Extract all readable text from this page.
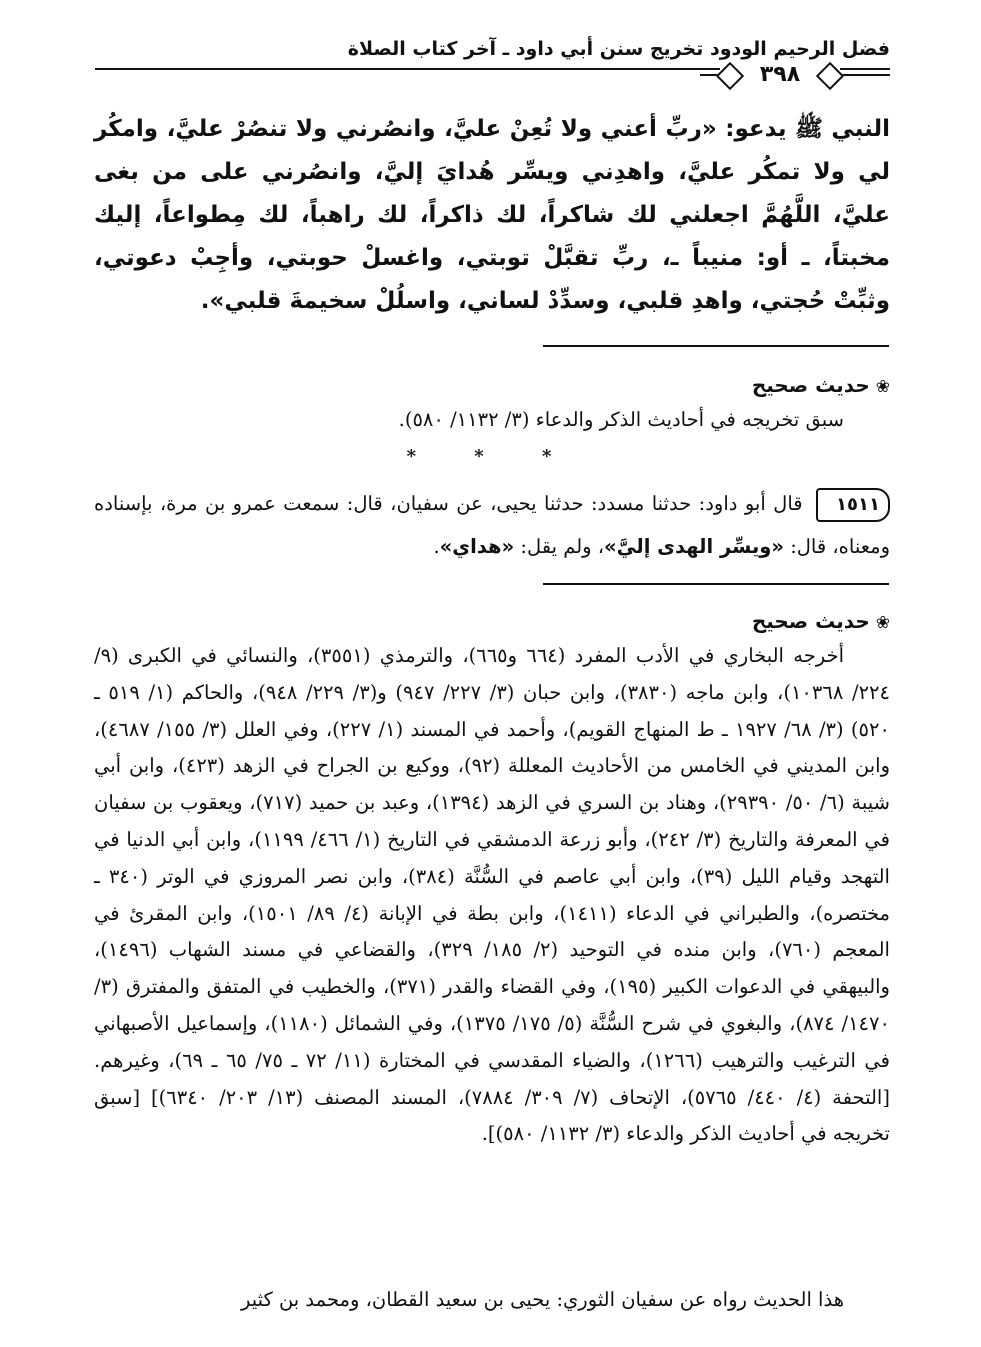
فضل الرحيم الودود تخريج سنن أبي داود ـ آخر كتاب الصلاة
٣٩٨

النبي ﷺ يدعو: «ربِّ أعني ولا تُعِنْ عليَّ، وانصُرني ولا تنصُرْ عليَّ، وامكُر لي ولا تمكُر عليَّ، واهدِني ويسِّر هُدايَ إليَّ، وانصُرني على من بغى عليَّ، اللَّهُمَّ اجعلني لك شاكراً، لك ذاكراً، لك راهباً، لك مِطواعاً، إليك مخبتاً، ـ أو: منيباً ـ، ربِّ تقبَّلْ توبتي، واغسلْ حوبتي، وأجِبْ دعوتي، وثبِّتْ حُجتي، واهدِ قلبي، وسدِّدْ لساني، واسلُلْ سخيمةَ قلبي».

❀حديث صحيح

سبق تخريجه في أحاديث الذكر والدعاء (٣/ ١١٣٢/ ٥٨٠).

* * *

١٥١١ قال أبو داود: حدثنا مسدد: حدثنا يحيى، عن سفيان، قال: سمعت عمرو بن مرة، بإسناده ومعناه، قال: «ويسِّر الهدى إليَّ»، ولم يقل: «هداي».

❀حديث صحيح

أخرجه البخاري في الأدب المفرد (٦٦٤ و٦٦٥)، والترمذي (٣٥٥١)، والنسائي في الكبرى (٩/ ٢٢٤/ ١٠٣٦٨)، وابن ماجه (٣٨٣٠)، وابن حبان (٣/ ٢٢٧/ ٩٤٧) و(٣/ ٢٢٩/ ٩٤٨)، والحاكم (١/ ٥١٩ ـ ٥٢٠) (٣/ ٦٨/ ١٩٢٧ ـ ط المنهاج القويم)، وأحمد في المسند (١/ ٢٢٧)، وفي العلل (٣/ ١٥٥/ ٤٦٨٧)، وابن المديني في الخامس من الأحاديث المعللة (٩٢)، ووكيع بن الجراح في الزهد (٤٢٣)، وابن أبي شيبة (٦/ ٥٠/ ٢٩٣٩٠)، وهناد بن السري في الزهد (١٣٩٤)، وعبد بن حميد (٧١٧)، ويعقوب بن سفيان في المعرفة والتاريخ (٣/ ٢٤٢)، وأبو زرعة الدمشقي في التاريخ (١/ ٤٦٦/ ١١٩٩)، وابن أبي الدنيا في التهجد وقيام الليل (٣٩)، وابن أبي عاصم في السُّنَّة (٣٨٤)، وابن نصر المروزي في الوتر (٣٤٠ ـ مختصره)، والطبراني في الدعاء (١٤١١)، وابن بطة في الإبانة (٤/ ٨٩/ ١٥٠١)، وابن المقرئ في المعجم (٧٦٠)، وابن منده في التوحيد (٢/ ١٨٥/ ٣٢٩)، والقضاعي في مسند الشهاب (١٤٩٦)، والبيهقي في الدعوات الكبير (١٩٥)، وفي القضاء والقدر (٣٧١)، والخطيب في المتفق والمفترق (٣/ ١٤٧٠/ ٨٧٤)، والبغوي في شرح السُّنَّة (٥/ ١٧٥/ ١٣٧٥)، وفي الشمائل (١١٨٠)، وإسماعيل الأصبهاني في الترغيب والترهيب (١٢٦٦)، والضياء المقدسي في المختارة (١١/ ٧٢ ـ ٧٥/ ٦٥ ـ ٦٩)، وغيرهم. [التحفة (٤/ ٤٤٠/ ٥٧٦٥)، الإتحاف (٧/ ٣٠٩/ ٧٨٨٤)، المسند المصنف (١٣/ ٢٠٣/ ٦٣٤٠)] [سبق تخريجه في أحاديث الذكر والدعاء (٣/ ١١٣٢/ ٥٨٠)].

هذا الحديث رواه عن سفيان الثوري: يحيى بن سعيد القطان، ومحمد بن كثير
